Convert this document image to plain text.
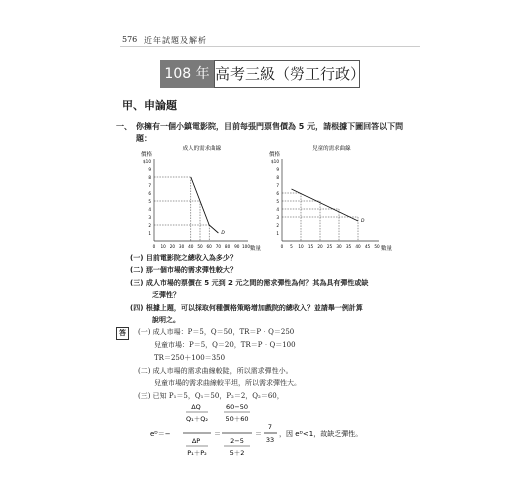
576 近年試題及解析
108 年 高考三級（勞工行政）
甲、申論題
一、 你擁有一個小鎮電影院，目前每張門票售價為 5 元，請根據下圖回答以下問題：
成人的需求曲線
價格
數量
$10
9
8
7
6
5
4
3
2
1
0 10 20 30 40 50 60 70 80 90 100
D
兒童的需求曲線
價格
數量
$10
9
8
7
6
5
4
3
2
1
0 5 10 15 20 25 30 35 40 45 50
D
(一) 目前電影院之總收入為多少？
(二) 那一個市場的需求彈性較大？
(三) 成人市場的票價在 5 元到 2 元之間的需求彈性為何？其為具有彈性或缺
乏彈性？
(四) 根據上題，可以採取何種價格策略增加戲院的總收入？並請舉一例計算
說明之。
答	(一) 成人市場：P＝5，Q＝50，TR＝P‧Q＝250
兒童市場：P＝5，Q＝20，TR＝P‧Q＝100
TR＝250＋100＝350
(二) 成人市場的需求曲線較陡，所以需求彈性小。
兒童市場的需求曲線較平坦，所以需求彈性大。
(三) 已知 P₁＝5，Q₁＝50，P₂＝2，Q₂＝60，
eᴰ＝−
ΔQ
Q₁＋Q₂
ΔP
P₁＋P₂
＝
60−50
50＋60
2−5
5＋2
＝
7
33
，因 eᴰ<1，故缺乏彈性。
